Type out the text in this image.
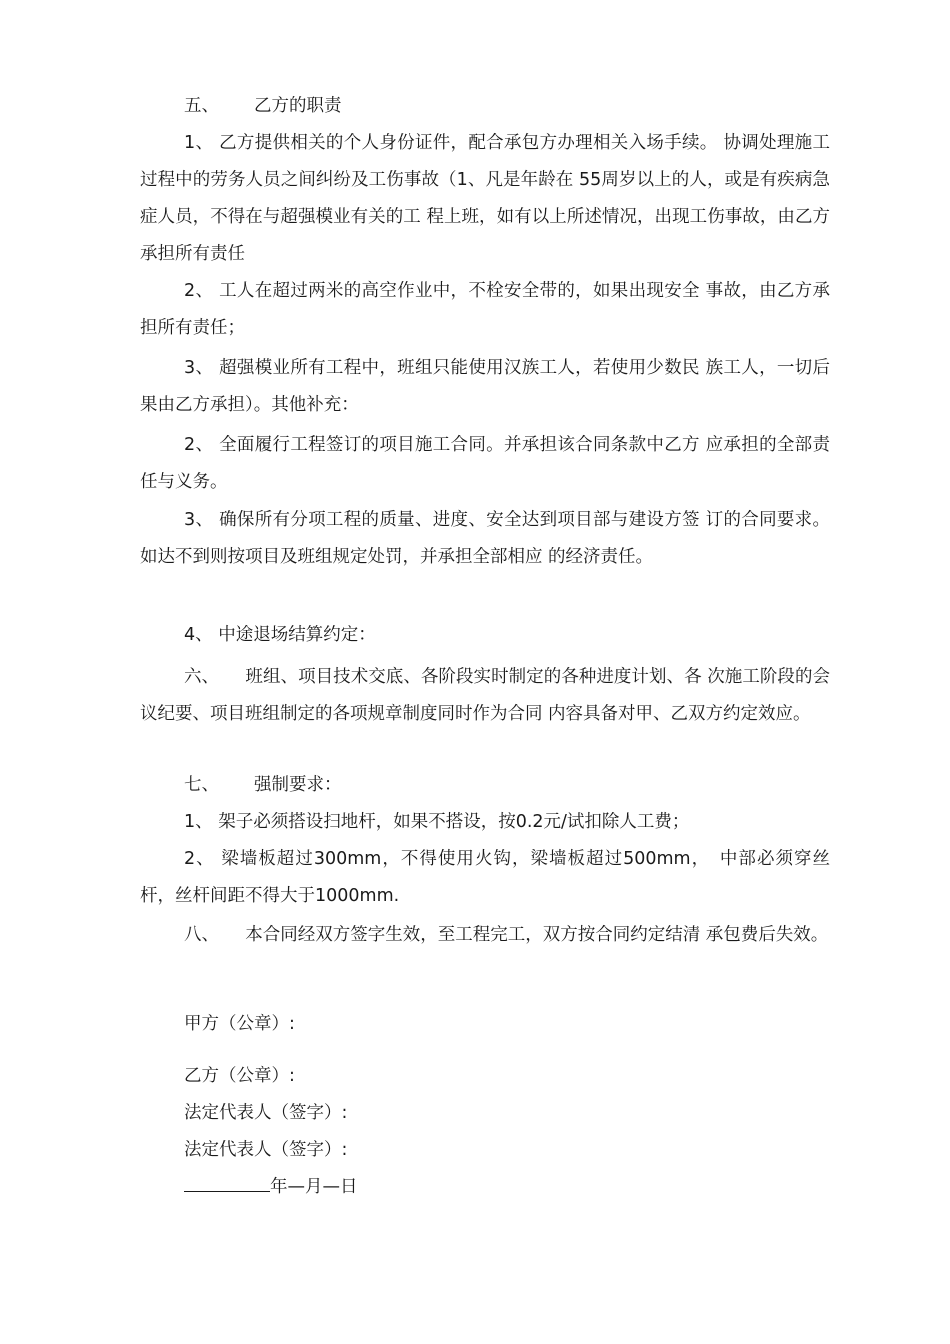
五、 乙方的职责

1、 乙方提供相关的个人身份证件，配合承包方办理相关入场手续。 协调处理施工过程中的劳务人员之间纠纷及工伤事故（1、凡是年龄在 55周岁以上的人，或是有疾病急症人员，不得在与超强模业有关的工 程上班，如有以上所述情况，出现工伤事故，由乙方承担所有责任

2、 工人在超过两米的高空作业中，不栓安全带的，如果出现安全 事故，由乙方承担所有责任；

3、 超强模业所有工程中，班组只能使用汉族工人，若使用少数民 族工人，一切后果由乙方承担）。其他补充：

2、 全面履行工程签订的项目施工合同。并承担该合同条款中乙方 应承担的全部责任与义务。

3、 确保所有分项工程的质量、进度、安全达到项目部与建设方签 订的合同要求。如达不到则按项目及班组规定处罚，并承担全部相应 的经济责任。

4、 中途退场结算约定：

六、　　班组、项目技术交底、各阶段实时制定的各种进度计划、各 次施工阶段的会议纪要、项目班组制定的各项规章制度同时作为合同 内容具备对甲、乙双方约定效应。

七、 强制要求：

1、 架子必须搭设扫地杆，如果不搭设，按0.2元/试扣除人工费；

2、 梁墙板超过300mm，不得使用火钩，梁墙板超过500mm，　中部必须穿丝杆，丝杆间距不得大于1000mm.

八、　　本合同经双方签字生效，至工程完工，双方按合同约定结清 承包费后失效。

甲方（公章）:
乙方（公章）:
法定代表人（签字）:
法定代表人（签字）:
年—月—日
